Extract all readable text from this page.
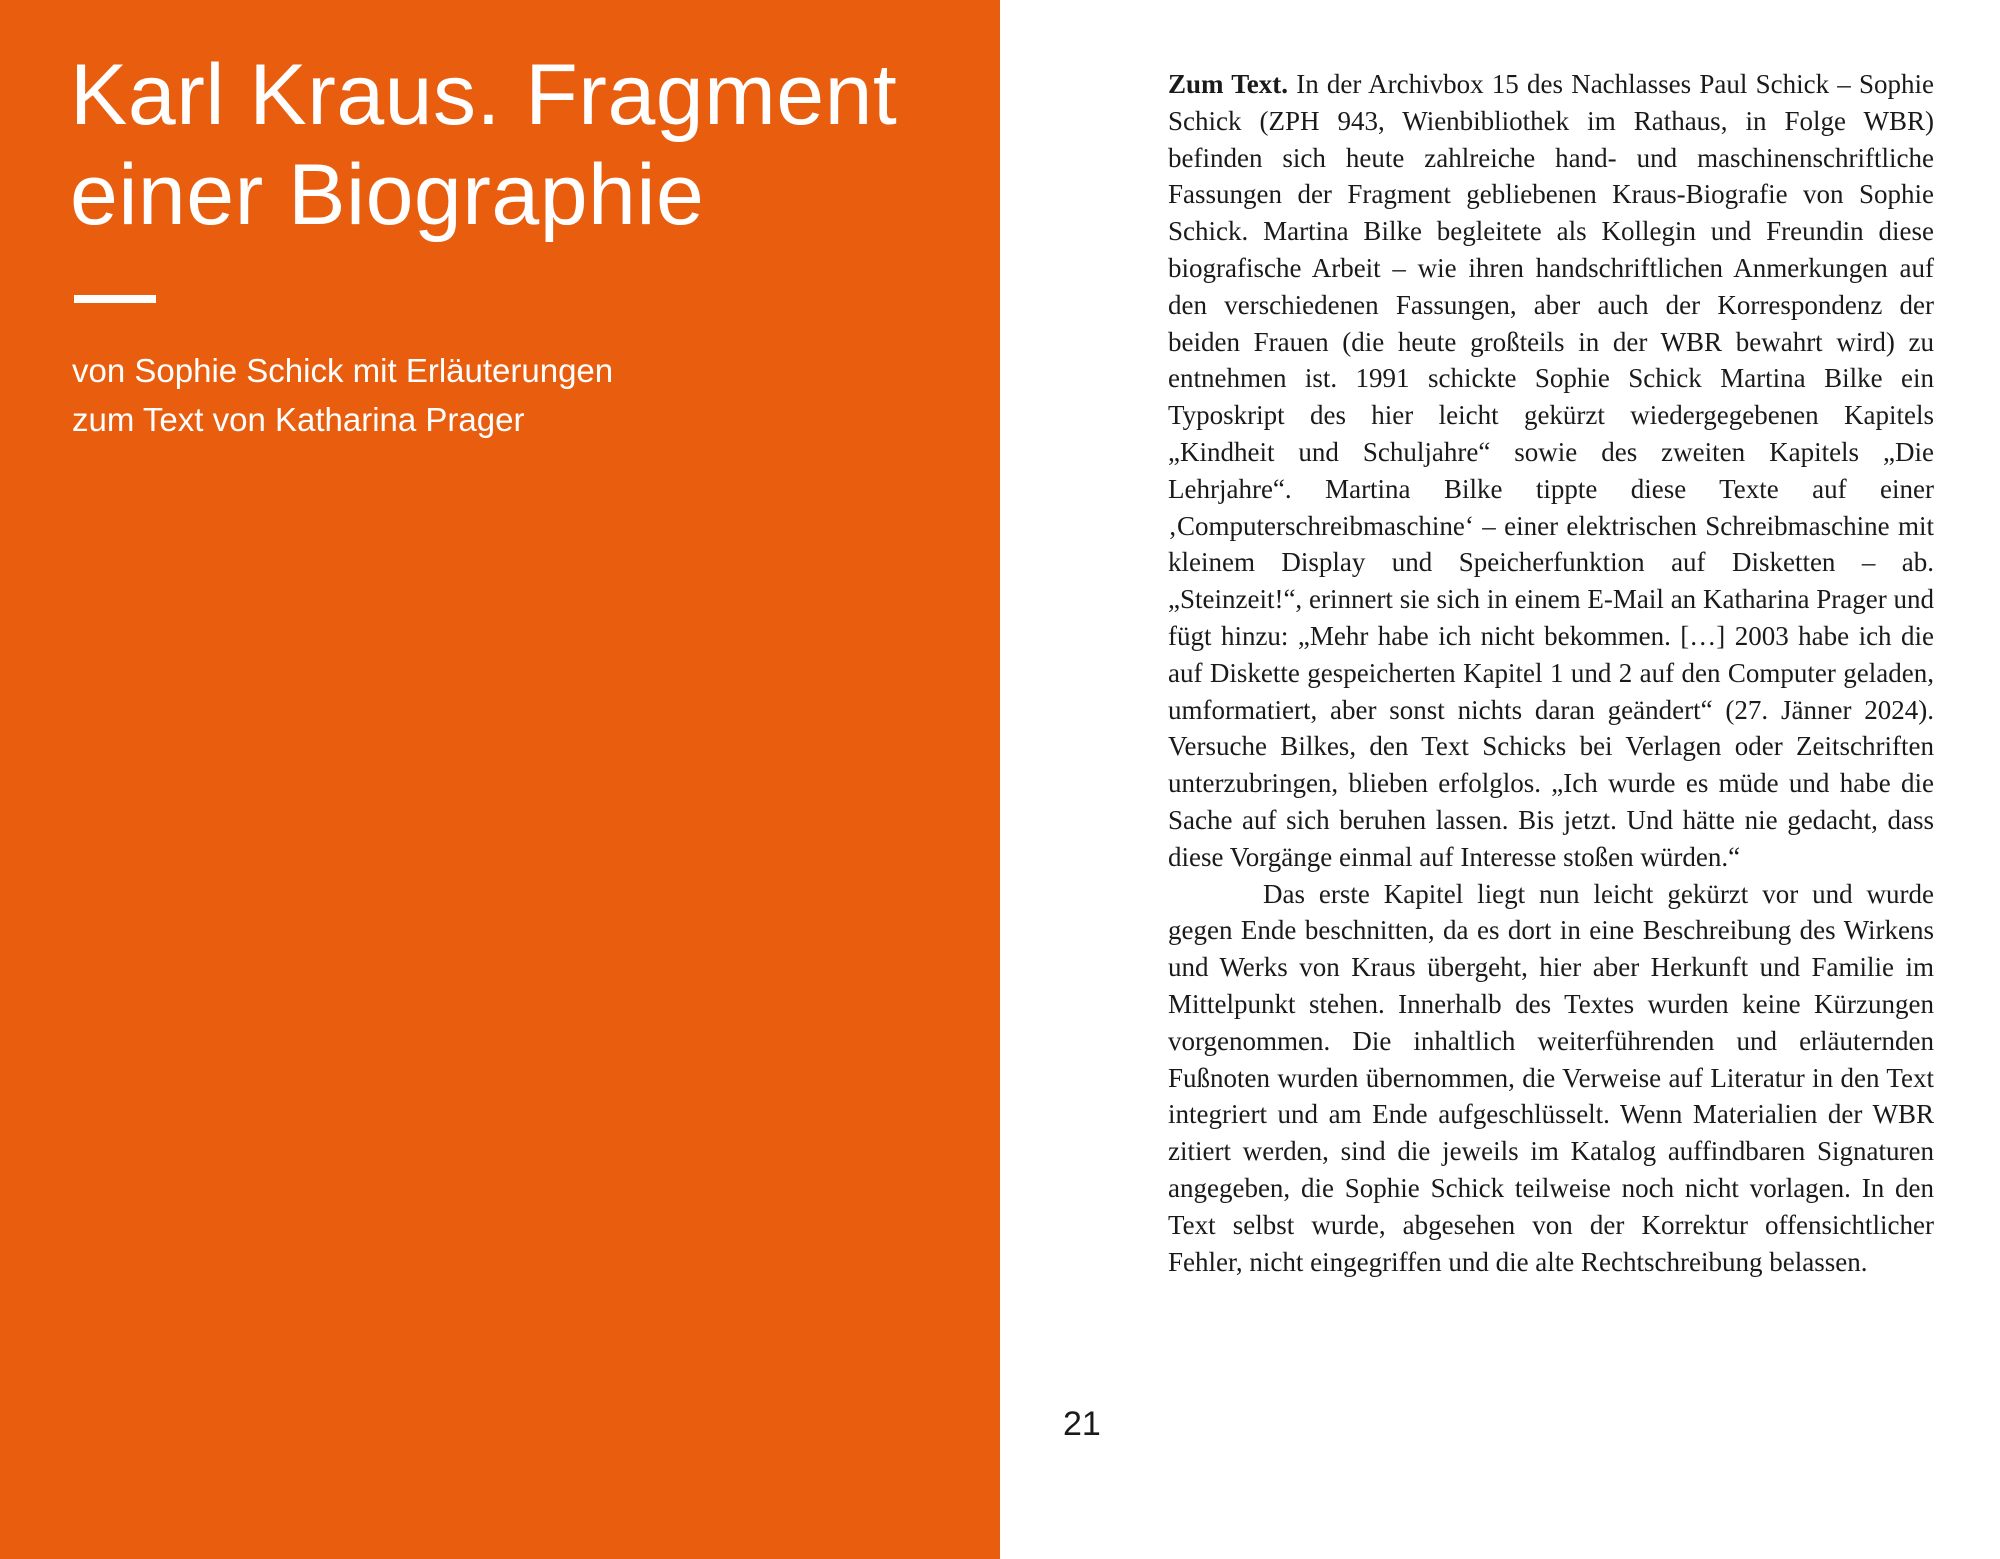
Karl Kraus. Fragment einer Biographie
von Sophie Schick mit Erläuterungen
zum Text von Katharina Prager
21

Zum Text. In der Archivbox 15 des Nachlasses Paul Schick – Sophie Schick (ZPH 943, Wienbibliothek im Rathaus, in Folge WBR) befinden sich heute zahlreiche hand- und maschinenschriftliche Fassungen der Fragment gebliebenen Kraus-Biografie von Sophie Schick. Martina Bilke begleitete als Kollegin und Freundin diese biografische Arbeit – wie ihren handschriftlichen Anmerkungen auf den verschiedenen Fassungen, aber auch der Korrespondenz der beiden Frauen (die heute großteils in der WBR bewahrt wird) zu entnehmen ist. 1991 schickte Sophie Schick Martina Bilke ein Typoskript des hier leicht gekürzt wiedergegebenen Kapitels „Kindheit und Schuljahre“ sowie des zweiten Kapitels „Die Lehrjahre“. Martina Bilke tippte diese Texte auf einer ‚Computerschreibmaschine‘ – einer elektrischen Schreibmaschine mit kleinem Display und Speicherfunktion auf Disketten – ab. „Steinzeit!“, erinnert sie sich in einem E-Mail an Katharina Prager und fügt hinzu: „Mehr habe ich nicht bekommen. […] 2003 habe ich die auf Diskette gespeicherten Kapitel 1 und 2 auf den Computer geladen, umformatiert, aber sonst nichts daran geändert“ (27. Jänner 2024). Versuche Bilkes, den Text Schicks bei Verlagen oder Zeitschriften unterzubringen, blieben erfolglos. „Ich wurde es müde und habe die Sache auf sich beruhen lassen. Bis jetzt. Und hätte nie gedacht, dass diese Vorgänge einmal auf Interesse stoßen würden.“

Das erste Kapitel liegt nun leicht gekürzt vor und wurde gegen Ende beschnitten, da es dort in eine Beschreibung des Wirkens und Werks von Kraus übergeht, hier aber Herkunft und Familie im Mittelpunkt stehen. Innerhalb des Textes wurden keine Kürzungen vorgenommen. Die inhaltlich weiterführenden und erläuternden Fußnoten wurden übernommen, die Verweise auf Literatur in den Text integriert und am Ende aufgeschlüsselt. Wenn Materialien der WBR zitiert werden, sind die jeweils im Katalog auffindbaren Signaturen angegeben, die Sophie Schick teilweise noch nicht vorlagen. In den Text selbst wurde, abgesehen von der Korrektur offensichtlicher Fehler, nicht eingegriffen und die alte Rechtschreibung belassen.
